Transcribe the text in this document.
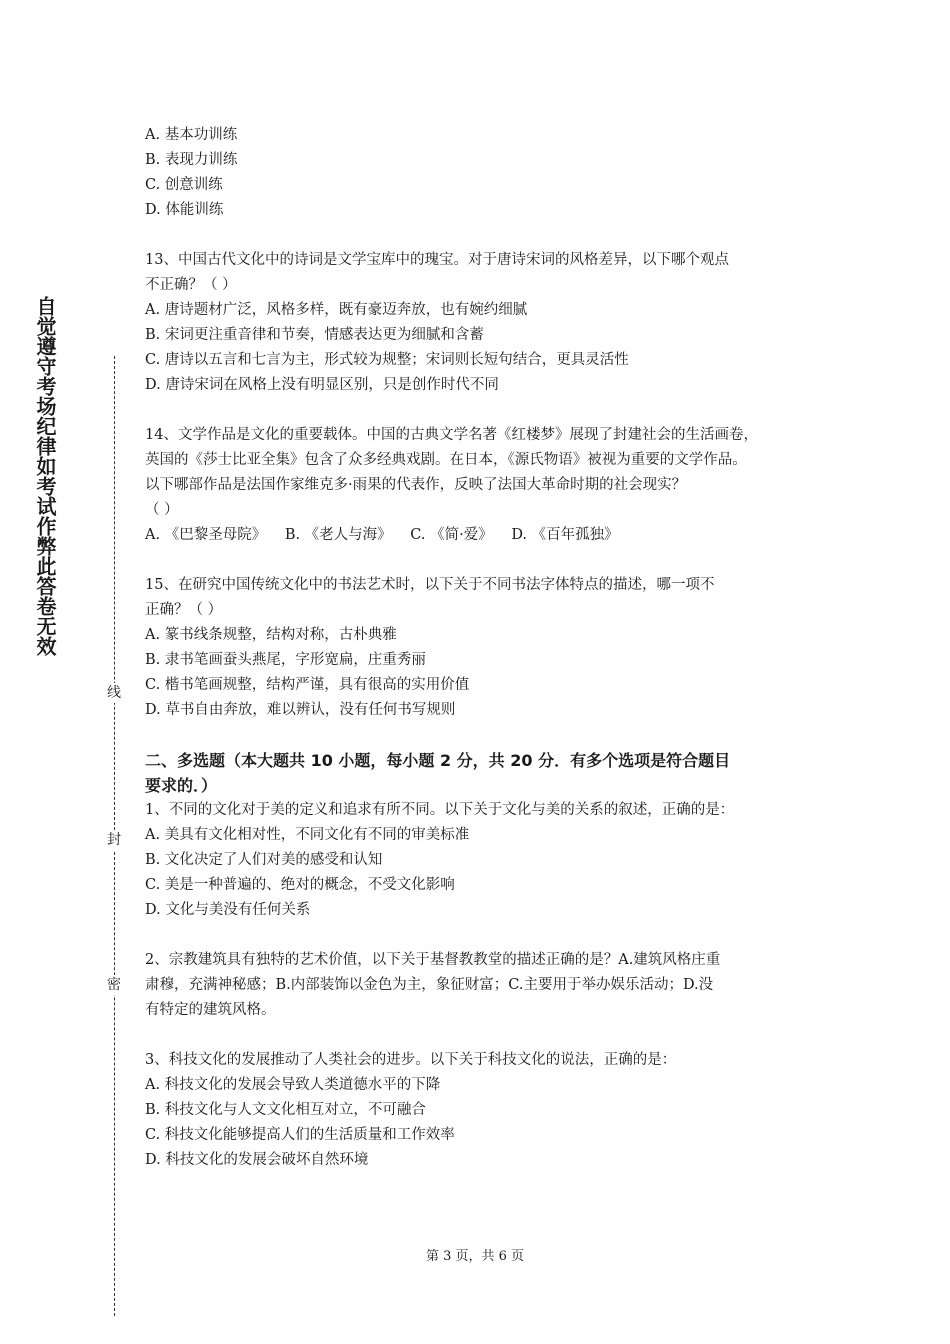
自觉遵守考场纪律如考试作弊此答卷无效
线
封
密
A. 基本功训练
B. 表现力训练
C. 创意训练
D. 体能训练
13、中国古代文化中的诗词是文学宝库中的瑰宝。对于唐诗宋词的风格差异，以下哪个观点
不正确？（ ）
A. 唐诗题材广泛，风格多样，既有豪迈奔放，也有婉约细腻
B. 宋词更注重音律和节奏，情感表达更为细腻和含蓄
C. 唐诗以五言和七言为主，形式较为规整；宋词则长短句结合，更具灵活性
D. 唐诗宋词在风格上没有明显区别，只是创作时代不同
14、文学作品是文化的重要载体。中国的古典文学名著《红楼梦》展现了封建社会的生活画卷，
英国的《莎士比亚全集》包含了众多经典戏剧。在日本，《源氏物语》被视为重要的文学作品。
以下哪部作品是法国作家维克多·雨果的代表作，反映了法国大革命时期的社会现实？
（ ）
A. 《巴黎圣母院》 B. 《老人与海》 C. 《简·爱》 D. 《百年孤独》
15、在研究中国传统文化中的书法艺术时，以下关于不同书法字体特点的描述，哪一项不
正确？（ ）
A. 篆书线条规整，结构对称，古朴典雅
B. 隶书笔画蚕头燕尾，字形宽扁，庄重秀丽
C. 楷书笔画规整，结构严谨，具有很高的实用价值
D. 草书自由奔放，难以辨认，没有任何书写规则
二、多选题（本大题共 10 小题，每小题 2 分，共 20 分．有多个选项是符合题目
要求的．）
1、不同的文化对于美的定义和追求有所不同。以下关于文化与美的关系的叙述，正确的是：
A. 美具有文化相对性，不同文化有不同的审美标准
B. 文化决定了人们对美的感受和认知
C. 美是一种普遍的、绝对的概念，不受文化影响
D. 文化与美没有任何关系
2、宗教建筑具有独特的艺术价值，以下关于基督教教堂的描述正确的是？A.建筑风格庄重
肃穆，充满神秘感；B.内部装饰以金色为主，象征财富；C.主要用于举办娱乐活动；D.没
有特定的建筑风格。
3、科技文化的发展推动了人类社会的进步。以下关于科技文化的说法，正确的是：
A. 科技文化的发展会导致人类道德水平的下降
B. 科技文化与人文文化相互对立，不可融合
C. 科技文化能够提高人们的生活质量和工作效率
D. 科技文化的发展会破坏自然环境
第 3 页，共 6 页
